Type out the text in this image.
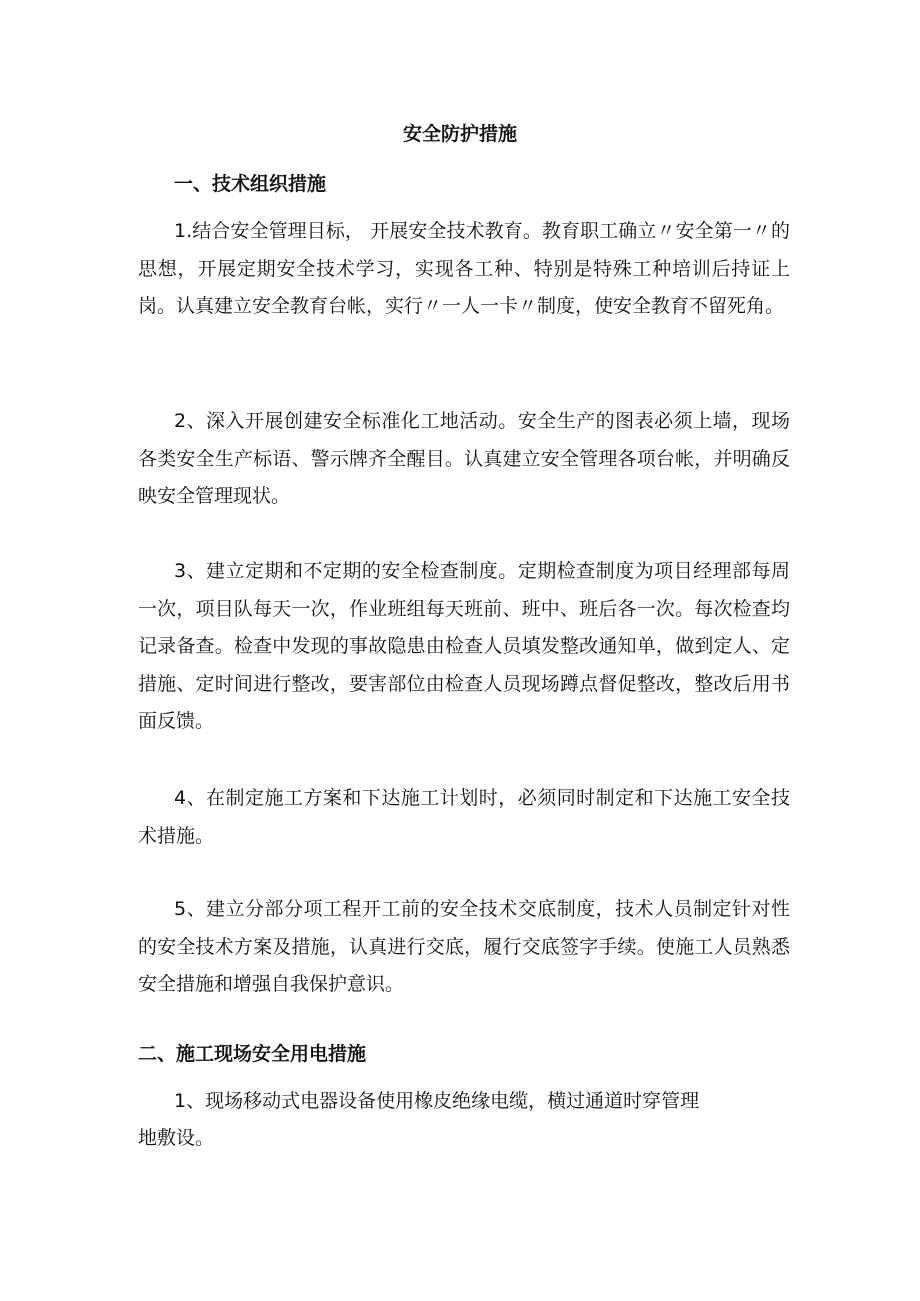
安全防护措施
一、技术组织措施

1.结合安全管理目标， 开展安全技术教育。教育职工确立〃安全第一〃的思想，开展定期安全技术学习，实现各工种、特别是特殊工种培训后持证上岗。认真建立安全教育台帐，实行〃一人一卡〃制度，使安全教育不留死角。

2、深入开展创建安全标准化工地活动。安全生产的图表必须上墙，现场各类安全生产标语、警示牌齐全醒目。认真建立安全管理各项台帐，并明确反映安全管理现状。

3、建立定期和不定期的安全检查制度。定期检查制度为项目经理部每周一次，项目队每天一次，作业班组每天班前、班中、班后各一次。每次检查均记录备查。检查中发现的事故隐患由检查人员填发整改通知单，做到定人、定措施、定时间进行整改，要害部位由检查人员现场蹲点督促整改，整改后用书面反馈。

4、在制定施工方案和下达施工计划时，必须同时制定和下达施工安全技术措施。

5、建立分部分项工程开工前的安全技术交底制度，技术人员制定针对性的安全技术方案及措施，认真进行交底，履行交底签字手续。使施工人员熟悉安全措施和增强自我保护意识。

二、施工现场安全用电措施

1、现场移动式电器设备使用橡皮绝缘电缆，横过通道时穿管理

地敷设。
